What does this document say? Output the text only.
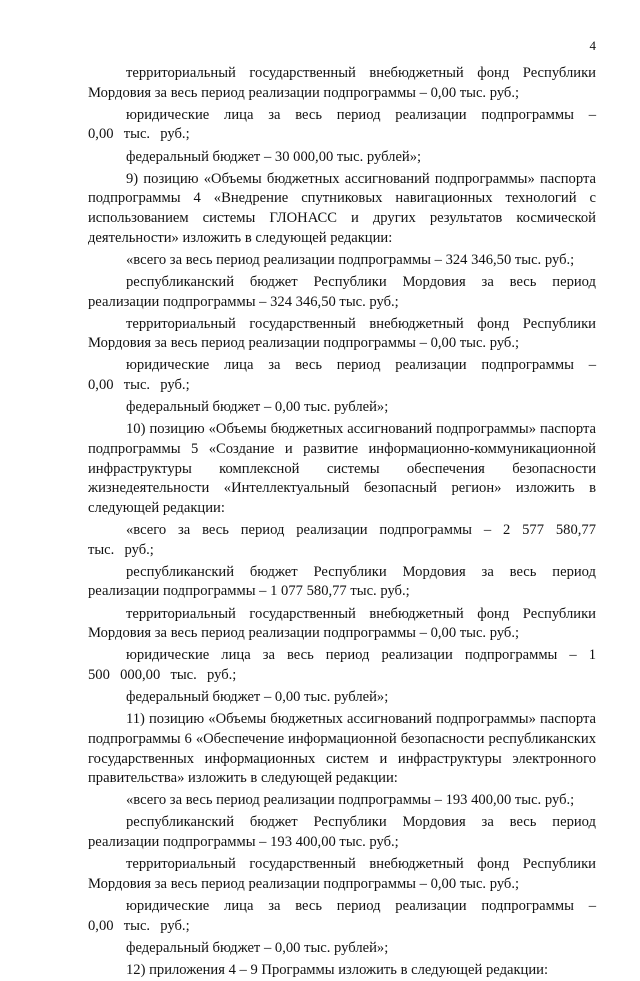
4

территориальный государственный внебюджетный фонд Республики Мордовия за весь период реализации подпрограммы – 0,00 тыс. руб.;

юридические лица за весь период реализации подпрограммы – 0,00 тыс. руб.;

федеральный бюджет – 30 000,00 тыс. рублей»;

9) позицию «Объемы бюджетных ассигнований подпрограммы» паспорта подпрограммы 4 «Внедрение спутниковых навигационных технологий с использованием системы ГЛОНАСС и других результатов космической деятельности» изложить в следующей редакции:

«всего за весь период реализации подпрограммы – 324 346,50 тыс. руб.;

республиканский бюджет Республики Мордовия за весь период реализации подпрограммы – 324 346,50 тыс. руб.;

территориальный государственный внебюджетный фонд Республики Мордовия за весь период реализации подпрограммы – 0,00 тыс. руб.;

юридические лица за весь период реализации подпрограммы – 0,00 тыс. руб.;

федеральный бюджет – 0,00 тыс. рублей»;

10) позицию «Объемы бюджетных ассигнований подпрограммы» паспорта подпрограммы 5 «Создание и развитие информационно-коммуникационной инфраструктуры комплексной системы обеспечения безопасности жизнедеятельности «Интеллектуальный безопасный регион» изложить в следующей редакции:

«всего за весь период реализации подпрограммы – 2 577 580,77 тыс. руб.;

республиканский бюджет Республики Мордовия за весь период реализации подпрограммы – 1 077 580,77 тыс. руб.;

территориальный государственный внебюджетный фонд Республики Мордовия за весь период реализации подпрограммы – 0,00 тыс. руб.;

юридические лица за весь период реализации подпрограммы – 1 500 000,00 тыс. руб.;

федеральный бюджет – 0,00 тыс. рублей»;

11) позицию «Объемы бюджетных ассигнований подпрограммы» паспорта подпрограммы 6 «Обеспечение информационной безопасности республиканских государственных информационных систем и инфраструктуры электронного правительства» изложить в следующей редакции:

«всего за весь период реализации подпрограммы – 193 400,00 тыс. руб.;

республиканский бюджет Республики Мордовия за весь период реализации подпрограммы – 193 400,00 тыс. руб.;

территориальный государственный внебюджетный фонд Республики Мордовия за весь период реализации подпрограммы – 0,00 тыс. руб.;

юридические лица за весь период реализации подпрограммы – 0,00 тыс. руб.;

федеральный бюджет – 0,00 тыс. рублей»;

12) приложения 4 – 9 Программы изложить в следующей редакции:
